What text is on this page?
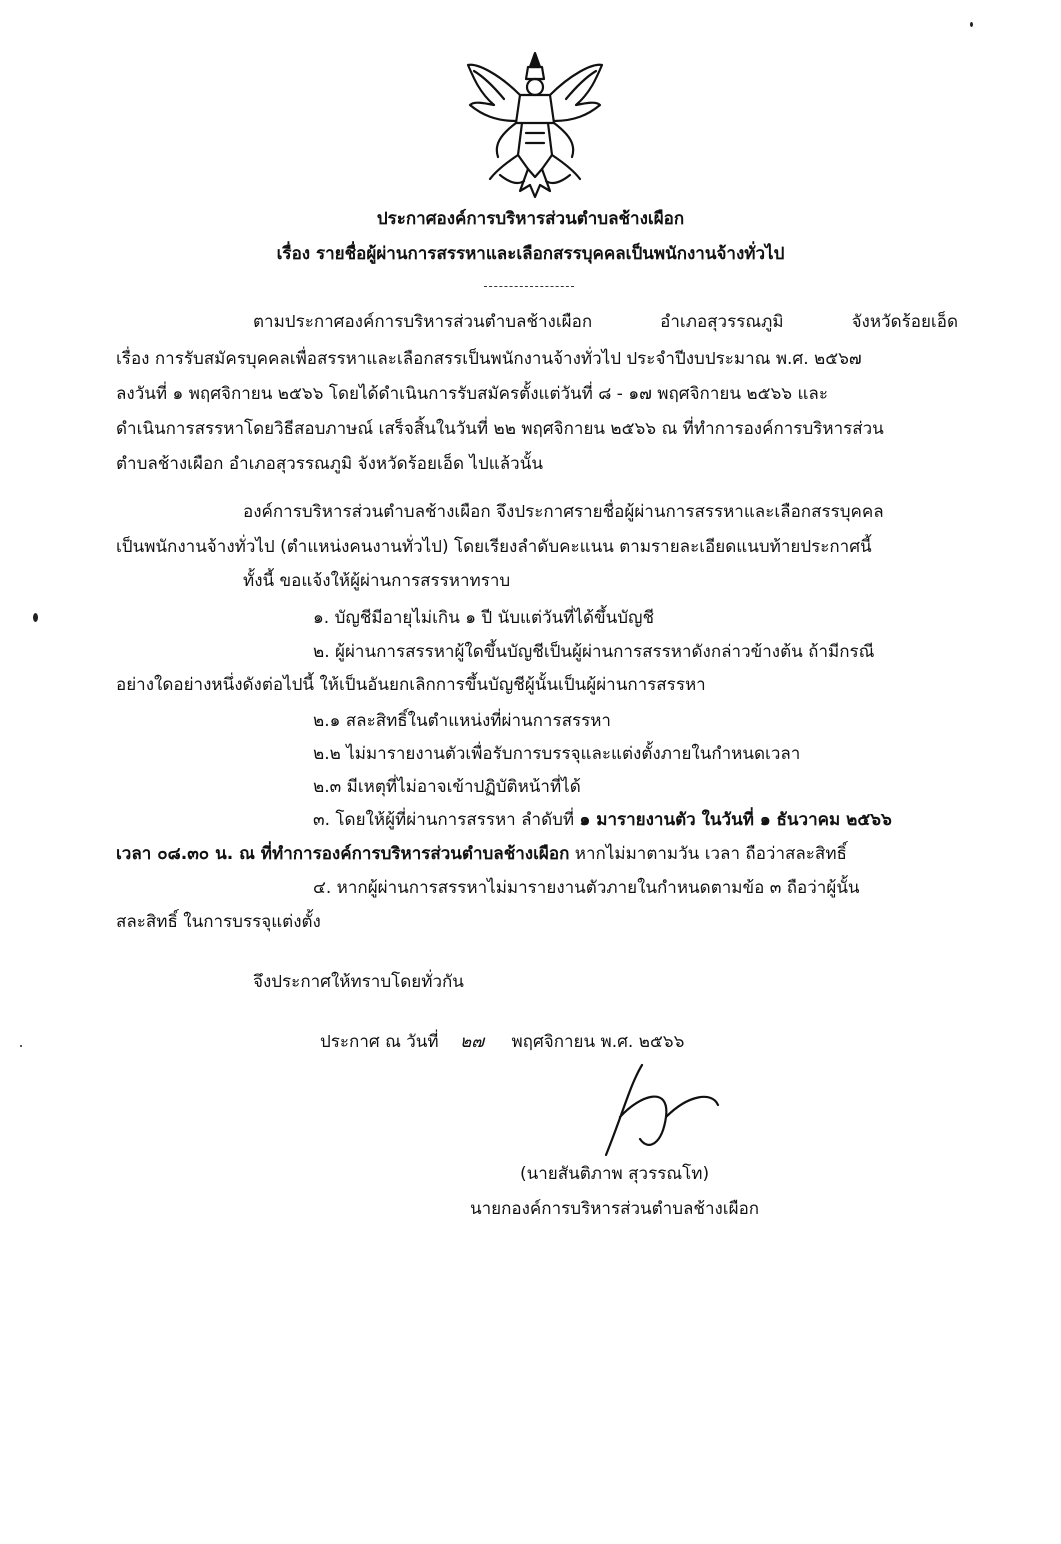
ประกาศองค์การบริหารส่วนตำบลช้างเผือก
เรื่อง รายชื่อผู้ผ่านการสรรหาและเลือกสรรบุคคลเป็นพนักงานจ้างทั่วไป
ตามประกาศองค์การบริหารส่วนตำบลช้างเผือก	อำเภอสุวรรณภูมิ	จังหวัดร้อยเอ็ด
เรื่อง การรับสมัครบุคคลเพื่อสรรหาและเลือกสรรเป็นพนักงานจ้างทั่วไป ประจำปีงบประมาณ พ.ศ. ๒๕๖๗
ลงวันที่ ๑ พฤศจิกายน ๒๕๖๖ โดยได้ดำเนินการรับสมัครตั้งแต่วันที่ ๘ - ๑๗ พฤศจิกายน ๒๕๖๖ และ
ดำเนินการสรรหาโดยวิธีสอบภาษณ์ เสร็จสิ้นในวันที่ ๒๒ พฤศจิกายน ๒๕๖๖ ณ ที่ทำการองค์การบริหารส่วน
ตำบลช้างเผือก อำเภอสุวรรณภูมิ จังหวัดร้อยเอ็ด ไปแล้วนั้น
องค์การบริหารส่วนตำบลช้างเผือก จึงประกาศรายชื่อผู้ผ่านการสรรหาและเลือกสรรบุคคล
เป็นพนักงานจ้างทั่วไป (ตำแหน่งคนงานทั่วไป) โดยเรียงลำดับคะแนน ตามรายละเอียดแนบท้ายประกาศนี้
ทั้งนี้ ขอแจ้งให้ผู้ผ่านการสรรหาทราบ
๑. บัญชีมีอายุไม่เกิน ๑ ปี นับแต่วันที่ได้ขึ้นบัญชี
๒. ผู้ผ่านการสรรหาผู้ใดขึ้นบัญชีเป็นผู้ผ่านการสรรหาดังกล่าวข้างต้น ถ้ามีกรณี
อย่างใดอย่างหนึ่งดังต่อไปนี้ ให้เป็นอันยกเลิกการขึ้นบัญชีผู้นั้นเป็นผู้ผ่านการสรรหา
๒.๑ สละสิทธิ์ในตำแหน่งที่ผ่านการสรรหา
๒.๒ ไม่มารายงานตัวเพื่อรับการบรรจุและแต่งตั้งภายในกำหนดเวลา
๒.๓ มีเหตุที่ไม่อาจเข้าปฏิบัติหน้าที่ได้
๓. โดยให้ผู้ที่ผ่านการสรรหา ลำดับที่ ๑ มารายงานตัว ในวันที่ ๑ ธันวาคม ๒๕๖๖
เวลา ๐๘.๓๐ น. ณ ที่ทำการองค์การบริหารส่วนตำบลช้างเผือก หากไม่มาตามวัน เวลา ถือว่าสละสิทธิ์
๔. หากผู้ผ่านการสรรหาไม่มารายงานตัวภายในกำหนดตามข้อ ๓ ถือว่าผู้นั้น
สละสิทธิ์ ในการบรรจุแต่งตั้ง
จึงประกาศให้ทราบโดยทั่วกัน
ประกาศ ณ วันที่ ๒๗ พฤศจิกายน พ.ศ. ๒๕๖๖
(นายสันติภาพ สุวรรณโท)
นายกองค์การบริหารส่วนตำบลช้างเผือก
